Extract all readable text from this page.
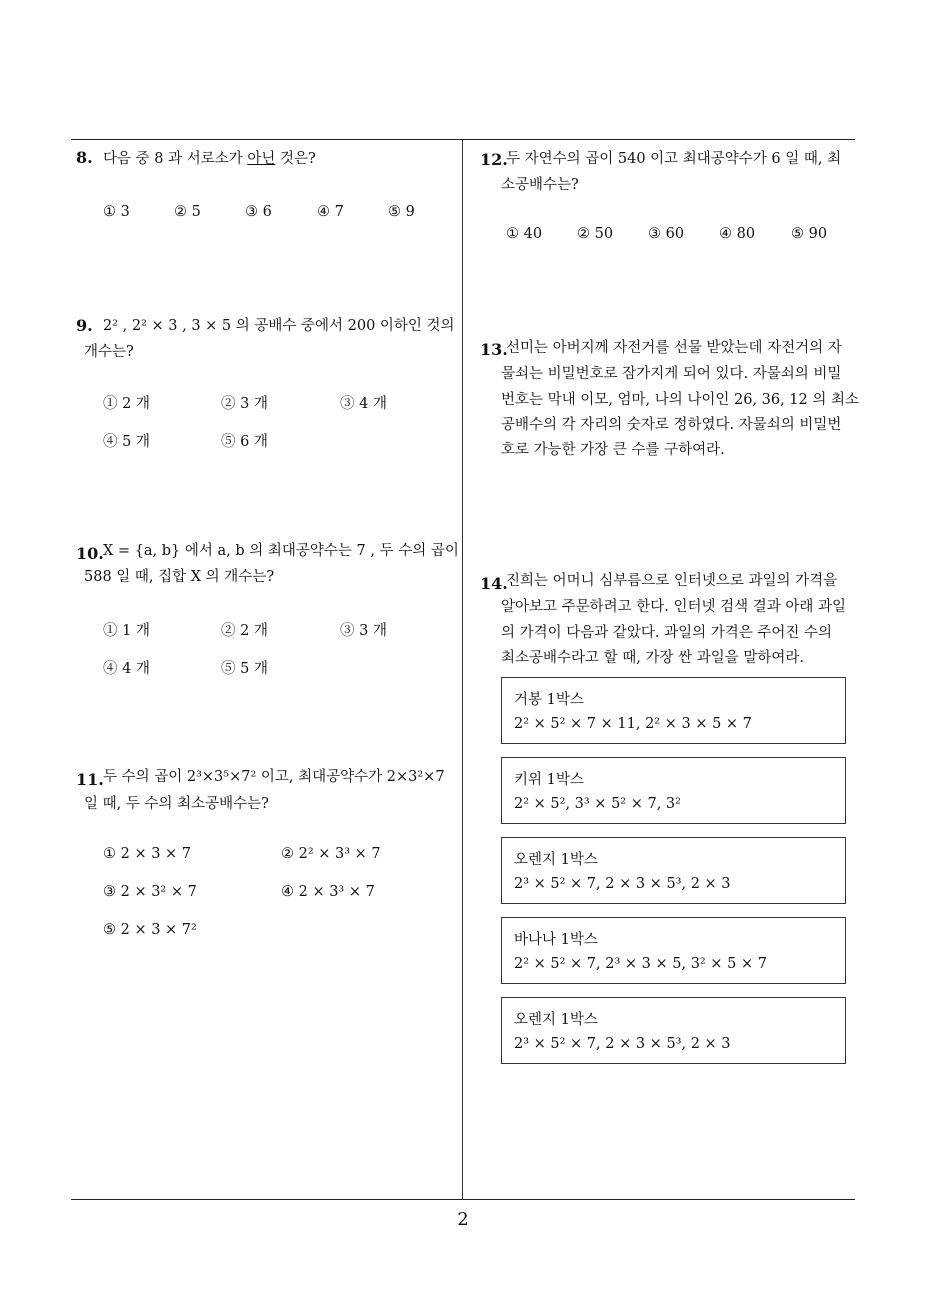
8. 다음 중 8 과 서로소가 아닌 것은?
① 3	② 5	③ 6	④ 7	⑤ 9
9. 2² , 2² × 3 , 3 × 5 의 공배수 중에서 200 이하인 것의
개수는?
① 2 개	② 3 개	③ 4 개
④ 5 개	⑤ 6 개
10. X = {a, b} 에서 a, b 의 최대공약수는 7 , 두 수의 곱이
588 일 때, 집합 X 의 개수는?
① 1 개	② 2 개	③ 3 개
④ 4 개	⑤ 5 개
11. 두 수의 곱이 2³×3⁵×7² 이고, 최대공약수가 2×3²×7
일 때, 두 수의 최소공배수는?
① 2 × 3 × 7	② 2² × 3³ × 7
③ 2 × 3² × 7	④ 2 × 3³ × 7
⑤ 2 × 3 × 7²
12.
두 자연수의 곱이 540 이고 최대공약수가 6 일 때, 최
소공배수는?
① 40 ② 50 ③ 60 ④ 80 ⑤ 90
13.
선미는 아버지께 자전거를 선물 받았는데 자전거의 자
물쇠는 비밀번호로 잠가지게 되어 있다. 자물쇠의 비밀
번호는 막내 이모, 엄마, 나의 나이인 26, 36, 12 의 최소
공배수의 각 자리의 숫자로 정하였다. 자물쇠의 비밀번
호로 가능한 가장 큰 수를 구하여라.
14.
진희는 어머니 심부름으로 인터넷으로 과일의 가격을
알아보고 주문하려고 한다. 인터넷 검색 결과 아래 과일
의 가격이 다음과 같았다. 과일의 가격은 주어진 수의
최소공배수라고 할 때, 가장 싼 과일을 말하여라.
거봉 1박스
2² × 5² × 7 × 11, 2² × 3 × 5 × 7
키위 1박스
2² × 5², 3³ × 5² × 7, 3²
오렌지 1박스
2³ × 5² × 7, 2 × 3 × 5³, 2 × 3
바나나 1박스
2² × 5² × 7, 2³ × 3 × 5, 3² × 5 × 7
오렌지 1박스
2³ × 5² × 7, 2 × 3 × 5³, 2 × 3
2
